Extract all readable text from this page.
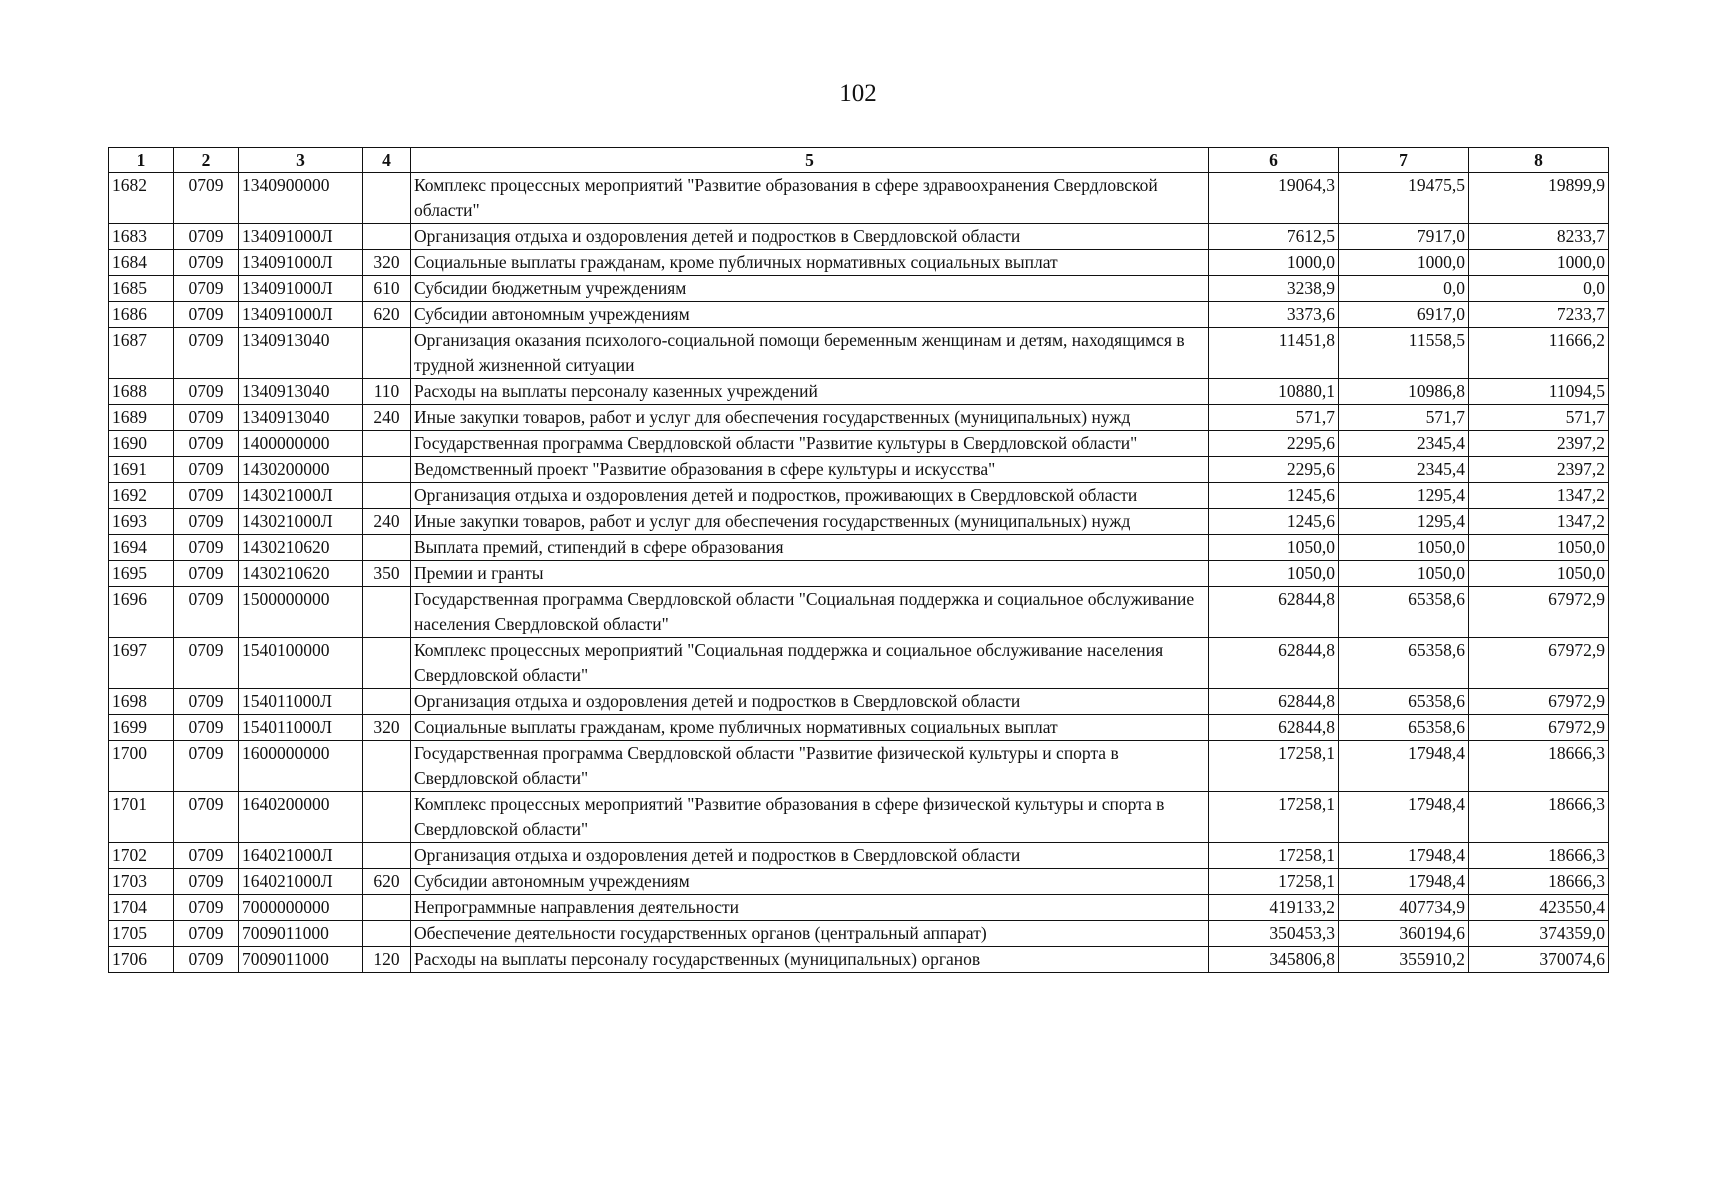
102
1	2	3	4	5	6	7	8
1682	0709	1340900000		Комплекс процессных мероприятий "Развитие образования в сфере здравоохранения Свердловской области"	19064,3	19475,5	19899,9
1683	0709	134091000Л		Организация отдыха и оздоровления детей и подростков в Свердловской области	7612,5	7917,0	8233,7
1684	0709	134091000Л	320	Социальные выплаты гражданам, кроме публичных нормативных социальных выплат	1000,0	1000,0	1000,0
1685	0709	134091000Л	610	Субсидии бюджетным учреждениям	3238,9	0,0	0,0
1686	0709	134091000Л	620	Субсидии автономным учреждениям	3373,6	6917,0	7233,7
1687	0709	1340913040		Организация оказания психолого-социальной помощи беременным женщинам и детям, находящимся в трудной жизненной ситуации	11451,8	11558,5	11666,2
1688	0709	1340913040	110	Расходы на выплаты персоналу казенных учреждений	10880,1	10986,8	11094,5
1689	0709	1340913040	240	Иные закупки товаров, работ и услуг для обеспечения государственных (муниципальных) нужд	571,7	571,7	571,7
1690	0709	1400000000		Государственная программа Свердловской области "Развитие культуры в Свердловской области"	2295,6	2345,4	2397,2
1691	0709	1430200000		Ведомственный проект "Развитие образования в сфере культуры и искусства"	2295,6	2345,4	2397,2
1692	0709	143021000Л		Организация отдыха и оздоровления детей и подростков, проживающих в Свердловской области	1245,6	1295,4	1347,2
1693	0709	143021000Л	240	Иные закупки товаров, работ и услуг для обеспечения государственных (муниципальных) нужд	1245,6	1295,4	1347,2
1694	0709	1430210620		Выплата премий, стипендий в сфере образования	1050,0	1050,0	1050,0
1695	0709	1430210620	350	Премии и гранты	1050,0	1050,0	1050,0
1696	0709	1500000000		Государственная программа Свердловской области "Социальная поддержка и социальное обслуживание населения Свердловской области"	62844,8	65358,6	67972,9
1697	0709	1540100000		Комплекс процессных мероприятий "Социальная поддержка и социальное обслуживание населения Свердловской области"	62844,8	65358,6	67972,9
1698	0709	154011000Л		Организация отдыха и оздоровления детей и подростков в Свердловской области	62844,8	65358,6	67972,9
1699	0709	154011000Л	320	Социальные выплаты гражданам, кроме публичных нормативных социальных выплат	62844,8	65358,6	67972,9
1700	0709	1600000000		Государственная программа Свердловской области "Развитие физической культуры и спорта в Свердловской области"	17258,1	17948,4	18666,3
1701	0709	1640200000		Комплекс процессных мероприятий "Развитие образования в сфере физической культуры и спорта в Свердловской области"	17258,1	17948,4	18666,3
1702	0709	164021000Л		Организация отдыха и оздоровления детей и подростков в Свердловской области	17258,1	17948,4	18666,3
1703	0709	164021000Л	620	Субсидии автономным учреждениям	17258,1	17948,4	18666,3
1704	0709	7000000000		Непрограммные направления деятельности	419133,2	407734,9	423550,4
1705	0709	7009011000		Обеспечение деятельности государственных органов (центральный аппарат)	350453,3	360194,6	374359,0
1706	0709	7009011000	120	Расходы на выплаты персоналу государственных (муниципальных) органов	345806,8	355910,2	370074,6
